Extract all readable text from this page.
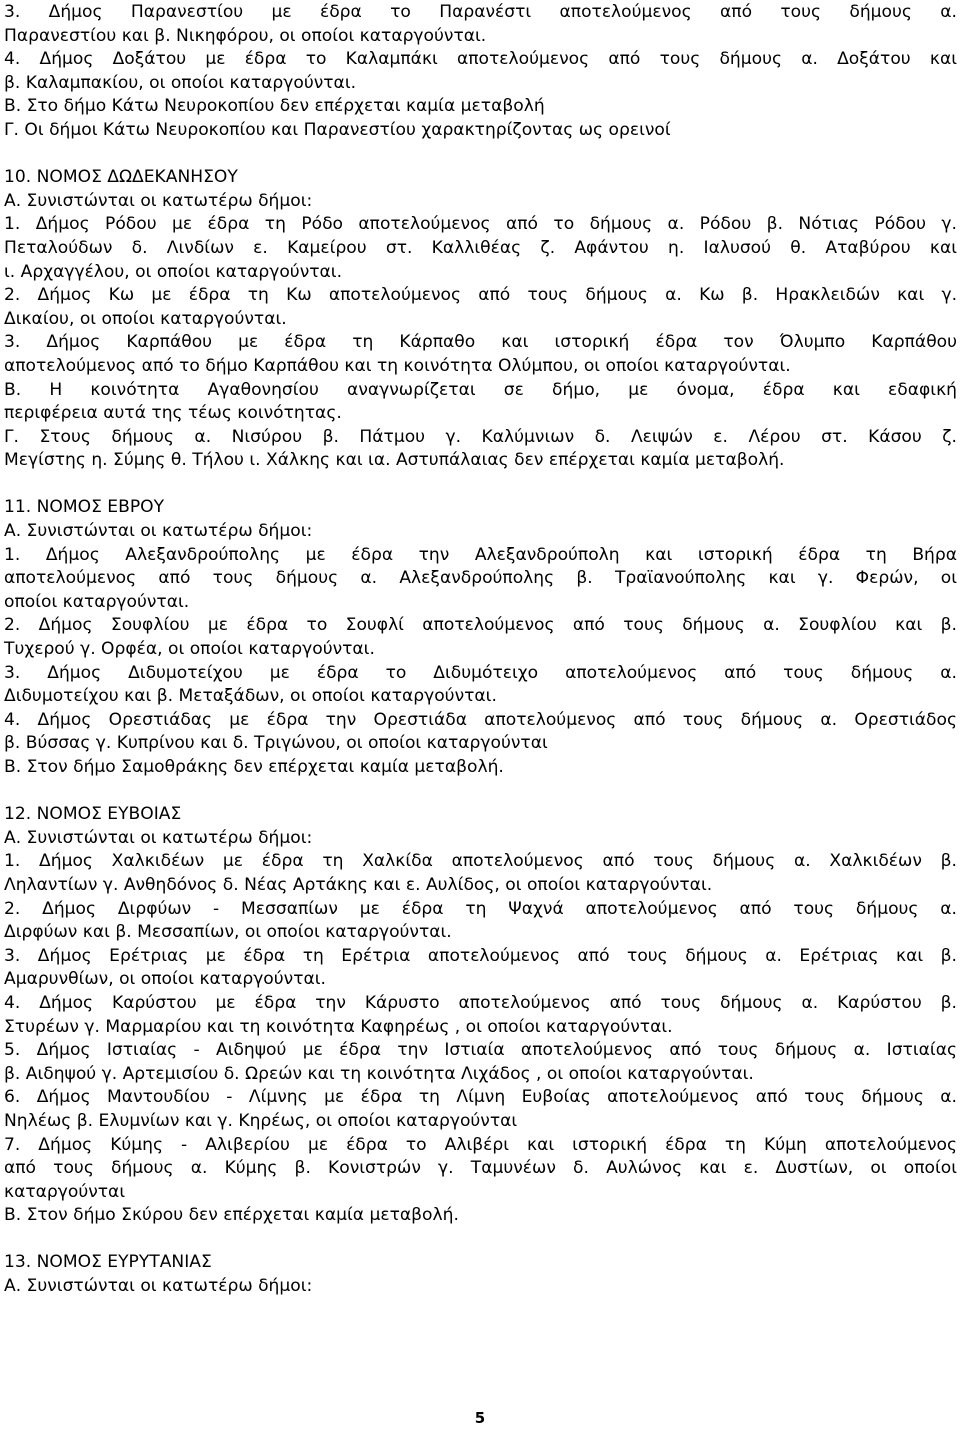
3. Δήμος Παρανεστίου με έδρα το Παρανέστι αποτελούμενος από τους δήμους α.
Παρανεστίου και β. Νικηφόρου, οι οποίοι καταργούνται.
4. Δήμος Δοξάτου με έδρα το Καλαμπάκι αποτελούμενος από τους δήμους α. Δοξάτου και
β. Καλαμπακίου, οι οποίοι καταργούνται.
Β. Στο δήμο Κάτω Νευροκοπίου δεν επέρχεται καμία μεταβολή
Γ. Οι δήμοι Κάτω Νευροκοπίου και Παρανεστίου χαρακτηρίζοντας ως ορεινοί
10. ΝΟΜΟΣ ΔΩΔΕΚΑΝΗΣΟΥ
Α. Συνιστώνται οι κατωτέρω δήμοι:
1. Δήμος Ρόδου με έδρα τη Ρόδο αποτελούμενος από το δήμους α. Ρόδου β. Νότιας Ρόδου γ.
Πεταλούδων δ. Λινδίων ε. Καμείρου στ. Καλλιθέας ζ. Αφάντου η. Ιαλυσού θ. Αταβύρου και
ι. Αρχαγγέλου, οι οποίοι καταργούνται.
2. Δήμος Κω με έδρα τη Κω αποτελούμενος από τους δήμους α. Κω β. Ηρακλειδών και γ.
Δικαίου, οι οποίοι καταργούνται.
3. Δήμος Καρπάθου με έδρα τη Κάρπαθο και ιστορική έδρα τον Όλυμπο Καρπάθου
αποτελούμενος από το δήμο Καρπάθου και τη κοινότητα Ολύμπου, οι οποίοι καταργούνται.
Β. Η κοινότητα Αγαθονησίου αναγνωρίζεται σε δήμο, με όνομα, έδρα και εδαφική
περιφέρεια αυτά της τέως κοινότητας.
Γ. Στους δήμους α. Νισύρου β. Πάτμου γ. Καλύμνιων δ. Λειψών ε. Λέρου στ. Κάσου ζ.
Μεγίστης η. Σύμης θ. Τήλου ι. Χάλκης και ια. Αστυπάλαιας δεν επέρχεται καμία μεταβολή.
11. ΝΟΜΟΣ ΕΒΡΟΥ
Α. Συνιστώνται οι κατωτέρω δήμοι:
1. Δήμος Αλεξανδρούπολης με έδρα την Αλεξανδρούπολη και ιστορική έδρα τη Βήρα
αποτελούμενος από τους δήμους α. Αλεξανδρούπολης β. Τραϊανούπολης και γ. Φερών, οι
οποίοι καταργούνται.
2. Δήμος Σουφλίου με έδρα το Σουφλί αποτελούμενος από τους δήμους α. Σουφλίου και β.
Τυχερού γ. Ορφέα, οι οποίοι καταργούνται.
3. Δήμος Διδυμοτείχου με έδρα το Διδυμότειχο αποτελούμενος από τους δήμους α.
Διδυμοτείχου και β. Μεταξάδων, οι οποίοι καταργούνται.
4. Δήμος Ορεστιάδας με έδρα την Ορεστιάδα αποτελούμενος από τους δήμους α. Ορεστιάδος
β. Βύσσας γ. Κυπρίνου και δ. Τριγώνου, οι οποίοι καταργούνται
Β. Στον δήμο Σαμοθράκης δεν επέρχεται καμία μεταβολή.
12. ΝΟΜΟΣ ΕΥΒΟΙΑΣ
Α. Συνιστώνται οι κατωτέρω δήμοι:
1. Δήμος Χαλκιδέων με έδρα τη Χαλκίδα αποτελούμενος από τους δήμους α. Χαλκιδέων β.
Ληλαντίων γ. Ανθηδόνος δ. Νέας Αρτάκης και ε. Αυλίδος, οι οποίοι καταργούνται.
2. Δήμος Διρφύων - Μεσσαπίων με έδρα τη Ψαχνά αποτελούμενος από τους δήμους α.
Διρφύων και β. Μεσσαπίων, οι οποίοι καταργούνται.
3. Δήμος Ερέτριας με έδρα τη Ερέτρια αποτελούμενος από τους δήμους α. Ερέτριας και β.
Αμαρυνθίων, οι οποίοι καταργούνται.
4. Δήμος Καρύστου με έδρα την Κάρυστο αποτελούμενος από τους δήμους α. Καρύστου β.
Στυρέων γ. Μαρμαρίου και τη κοινότητα Καφηρέως , οι οποίοι καταργούνται.
5. Δήμος Ιστιαίας - Αιδηψού με έδρα την Ιστιαία αποτελούμενος από τους δήμους α. Ιστιαίας
β. Αιδηψού γ. Αρτεμισίου δ. Ωρεών και τη κοινότητα Λιχάδος , οι οποίοι καταργούνται.
6. Δήμος Μαντουδίου - Λίμνης με έδρα τη Λίμνη Ευβοίας αποτελούμενος από τους δήμους α.
Νηλέως β. Ελυμνίων και γ. Κηρέως, οι οποίοι καταργούνται
7. Δήμος Κύμης - Αλιβερίου με έδρα το Αλιβέρι και ιστορική έδρα τη Κύμη αποτελούμενος
από τους δήμους α. Κύμης β. Κονιστρών γ. Ταμυνέων δ. Αυλώνος και ε. Δυστίων, οι οποίοι
καταργούνται
Β. Στον δήμο Σκύρου δεν επέρχεται καμία μεταβολή.
13. ΝΟΜΟΣ ΕΥΡΥΤΑΝΙΑΣ
Α. Συνιστώνται οι κατωτέρω δήμοι:
5
